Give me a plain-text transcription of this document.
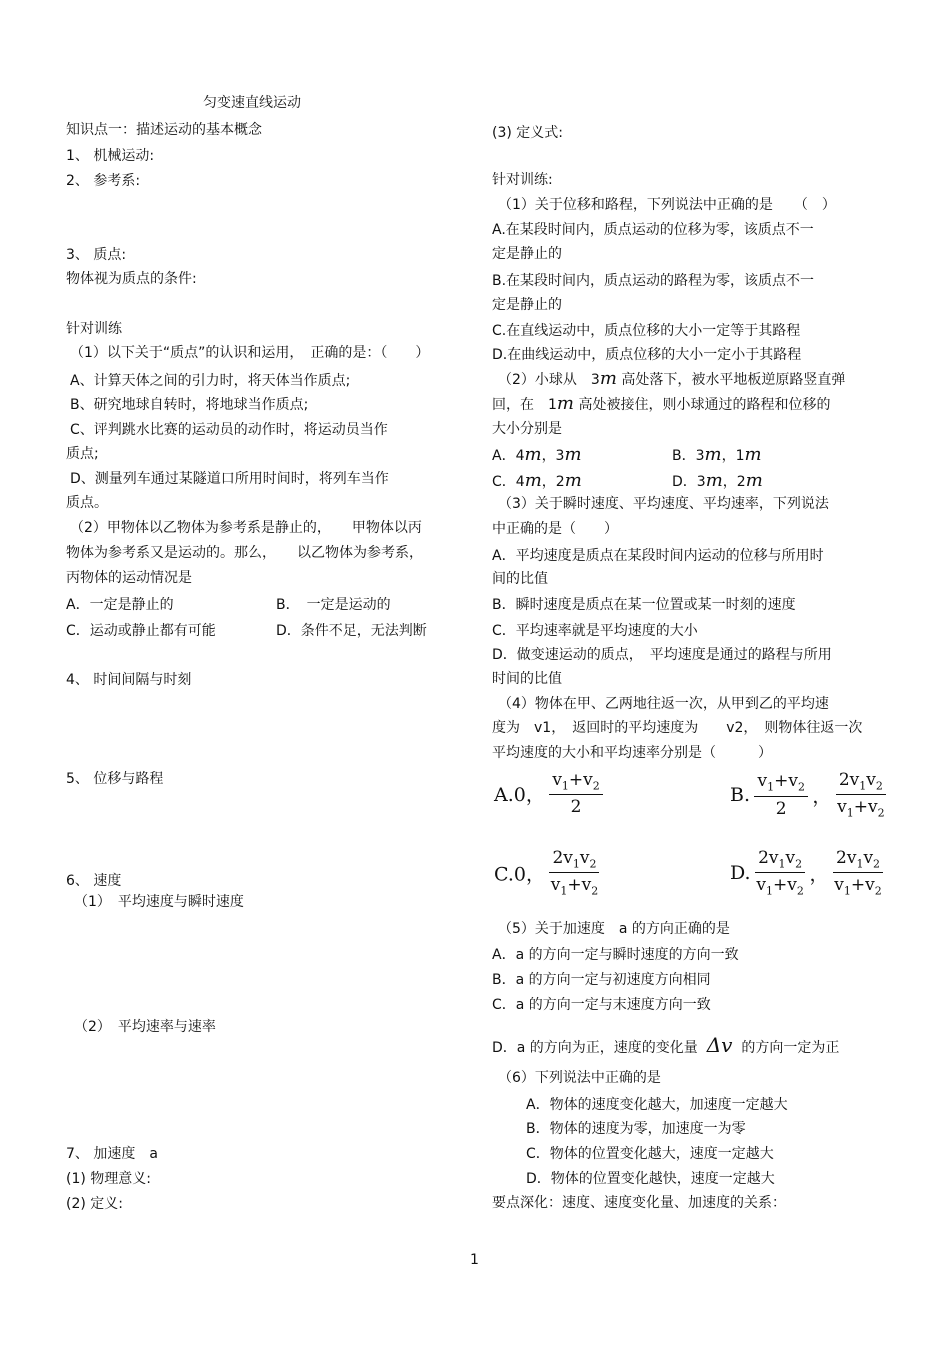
匀变速直线运动
知识点一：描述运动的基本概念
1、 机械运动:
2、 参考系:
3、 质点:
物体视为质点的条件:
针对训练
（1）以下关于“质点”的认识和运用，　正确的是：（　　）
A、计算天体之间的引力时，将天体当作质点;
B、研究地球自转时，将地球当作质点;
C、评判跳水比赛的运动员的动作时，将运动员当作
质点;
D、测量列车通过某隧道口所用时间时，将列车当作
质点。
（2）甲物体以乙物体为参考系是静止的，　　甲物体以丙
物体为参考系又是运动的。那么，　　以乙物体为参考系，
丙物体的运动情况是
A．一定是静止的	B．　一定是运动的
C．运动或静止都有可能	D．条件不足，无法判断
4、 时间间隔与时刻
5、 位移与路程
6、 速度
（1）　平均速度与瞬时速度
（2）　平均速率与速率
7、 加速度　a
(1) 物理意义:
(2) 定义:
(3) 定义式:
针对训练:
（1）关于位移和路程，下列说法中正确的是　　（　）
A.在某段时间内，质点运动的位移为零，该质点不一
定是静止的
B.在某段时间内，质点运动的路程为零，该质点不一
定是静止的
C.在直线运动中，质点位移的大小一定等于其路程
D.在曲线运动中，质点位移的大小一定小于其路程
（2）小球从　3m 高处落下，被水平地板逆原路竖直弹
回，在　1m 高处被接住，则小球通过的路程和位移的
大小分别是
A．4m，3m	B．3m，1m
C．4m，2m	D．3m，2m
（3）关于瞬时速度、平均速度、平均速率，下列说法
中正确的是（　　）
A．平均速度是质点在某段时间内运动的位移与所用时
间的比值
B．瞬时速度是质点在某一位置或某一时刻的速度
C．平均速率就是平均速度的大小
D．做变速运动的质点，　平均速度是通过的路程与所用
时间的比值
（4）物体在甲、乙两地往返一次，从甲到乙的平均速
度为　v1，　返回时的平均速度为　　v2，　则物体往返一次
平均速度的大小和平均速率分别是（　　　）
A.0， $\frac{v_1+v_2}{2}$	B. $\frac{v_1+v_2}{2}$ ， $\frac{2v_1v_2}{v_1+v_2}$
C.0， $\frac{2v_1v_2}{v_1+v_2}$	D. $\frac{2v_1v_2}{v_1+v_2}$ ， $\frac{2v_1v_2}{v_1+v_2}$
（5）关于加速度　a 的方向正确的是
A．a 的方向一定与瞬时速度的方向一致
B．a 的方向一定与初速度方向相同
C．a 的方向一定与末速度方向一致
D．a 的方向为正，速度的变化量 Δv 的方向一定为正
（6）下列说法中正确的是
A．物体的速度变化越大，加速度一定越大
B．物体的速度为零，加速度一为零
C．物体的位置变化越大，速度一定越大
D．物体的位置变化越快，速度一定越大
要点深化：速度、速度变化量、加速度的关系：
1
